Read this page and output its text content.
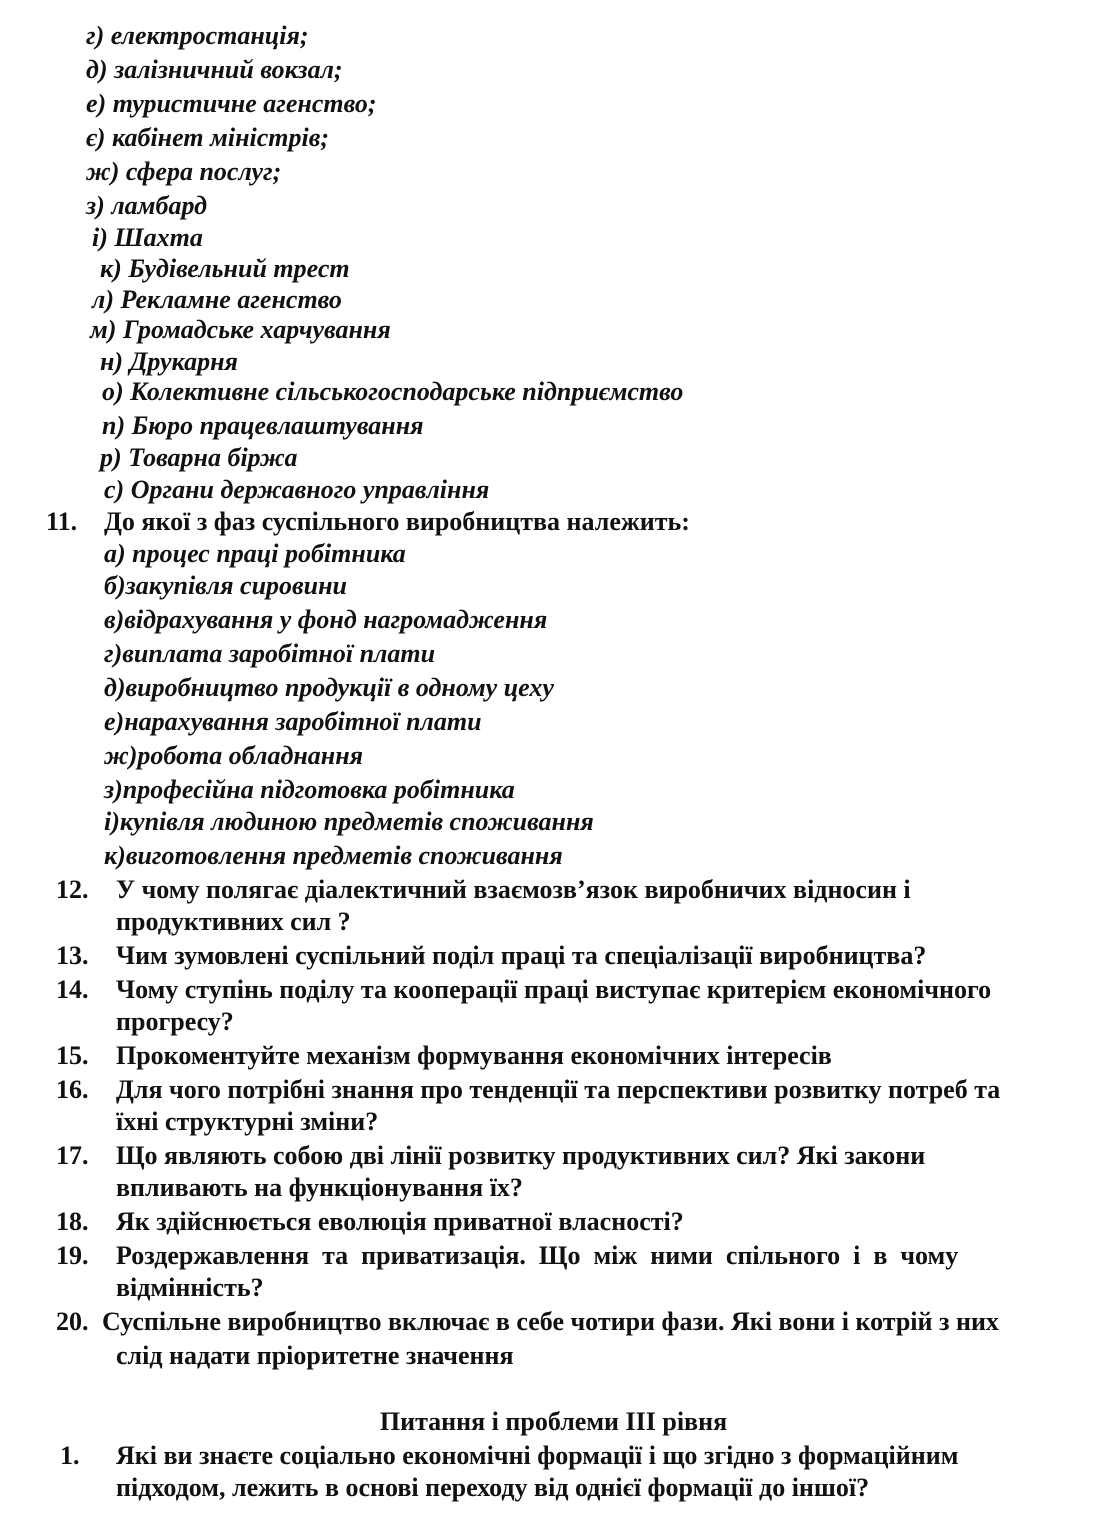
г) електростанція;
д) залізничний вокзал;
е) туристичне агенство;
є) кабінет міністрів;
ж) сфера послуг;
з) ламбард
і) Шахта
к) Будівельний трест
л) Рекламне агенство
м) Громадське харчування
н) Друкарня
о) Колективне сільськогосподарське підприємство
п) Бюро працевлаштування
р) Товарна біржа
с) Органи державного управління
11. До якої з фаз суспільного виробництва належить:
а) процес праці робітника
б)закупівля сировини
в)відрахування у фонд нагромадження
г)виплата заробітної плати
д)виробництво продукції в одному цеху
е)нарахування заробітної плати
ж)робота обладнання
з)професійна підготовка робітника
і)купівля людиною предметів споживання
к)виготовлення предметів споживання
12. У чому полягає діалектичний взаємозв’язок виробничих відносин і
продуктивних сил ?
13. Чим зумовлені суспільний поділ праці та спеціалізації виробництва?
14. Чому ступінь поділу та кооперації праці виступає критерієм економічного
прогресу?
15. Прокоментуйте механізм формування економічних інтересів
16. Для чого потрібні знання про тенденції та перспективи розвитку потреб та
їхні структурні зміни?
17. Що являють собою дві лінії розвитку продуктивних сил? Які закони
впливають на функціонування їх?
18. Як здійснюється еволюція приватної власності?
19. Роздержавлення  та  приватизація.  Що  між  ними  спільного  і  в  чому
відмінність?
20. Суспільне виробництво включає в себе чотири фази. Які вони і котрій з них
слід надати пріоритетне значення
Питання і проблеми ІІІ рівня
1. Які ви знаєте соціально економічні формації і що згідно з формаційним
підходом, лежить в основі переходу від однієї формації до іншої?
